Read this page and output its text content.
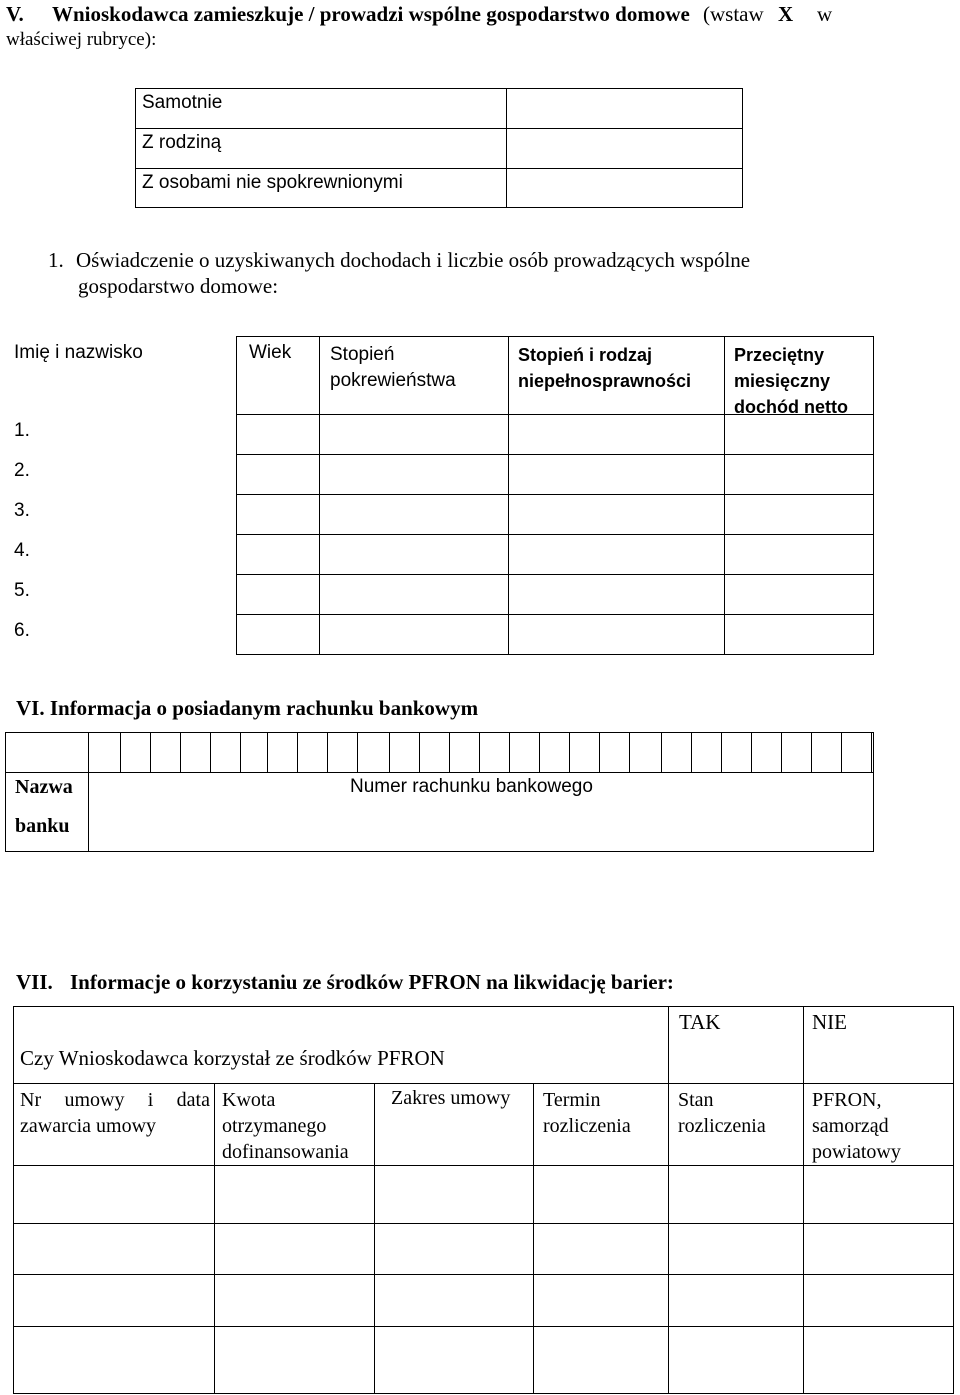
V. Wnioskodawca zamieszkuje / prowadzi wspólne gospodarstwo domowe (wstaw X w
właściwej rubryce):
Samotnie
Z rodziną
Z osobami nie spokrewnionymi
1. Oświadczenie o uzyskiwanych dochodach i liczbie osób prowadzących wspólne
gospodarstwo domowe:
Imię i nazwisko	Wiek Stopień pokrewieństwa
Stopień i rodzaj niepełnosprawności
Przeciętny miesięczny dochód netto
1.
2.
3.
4.
5.
6.
VI. Informacja o posiadanym rachunku bankowym
Nazwa
banku
Numer rachunku bankowego
VII. Informacje o korzystaniu ze środków PFRON na likwidację barier:
Czy Wnioskodawca korzystał ze środków PFRON
TAK	NIE
Nr umowy i data zawarcia umowy
Kwota otrzymanego dofinansowania
Zakres umowy Termin rozliczenia
Stan rozliczenia
PFRON, samorząd powiatowy
